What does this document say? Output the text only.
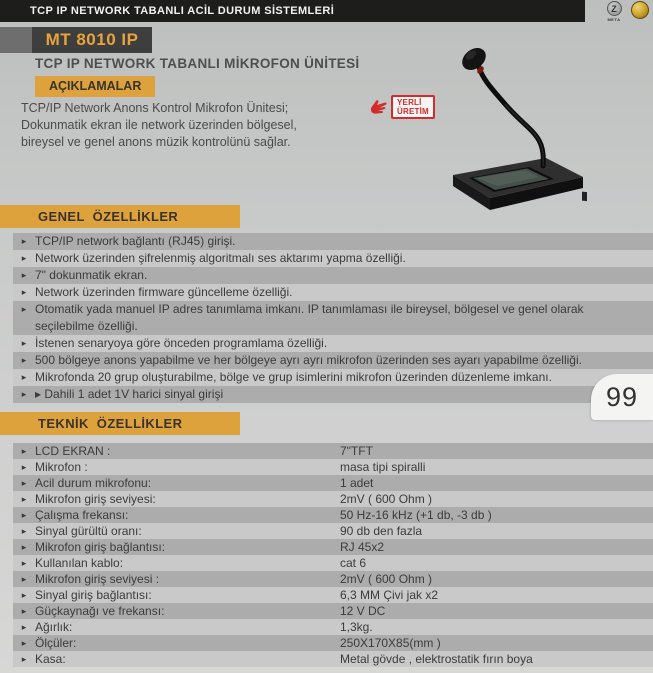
TCP IP NETWORK TABANLI ACİL DURUM SİSTEMLERİ	Z
META
MT 8010 IP
TCP IP NETWORK TABANLI MİKROFON ÜNİTESİ
AÇIKLAMALAR
TCP/IP Network Anons Kontrol Mikrofon Ünitesi;
Dokunmatik ekran ile network üzerinden bölgesel,
bireysel ve genel anons müzik kontrolünü sağlar.
YERLİ
ÜRETİM
GENEL  ÖZELLİKLER
▸ TCP/IP network bağlantı (RJ45) girişi.
▸ Network üzerinden şifrelenmiş algoritmalı ses aktarımı yapma özelliği.
▸ 7" dokunmatik ekran.
▸ Network üzerinden firmware güncelleme özelliği.
▸ Otomatik yada manuel IP adres tanımlama imkanı. IP tanımlaması ile bireysel, bölgesel ve genel olarak seçilebilme özelliği.
▸ İstenen senaryoya göre önceden programlama özelliği.
▸ 500 bölgeye anons yapabilme ve her bölgeye ayrı ayrı mikrofon üzerinden ses ayarı yapabilme özelliği.
▸ Mikrofonda 20 grup oluşturabilme, bölge ve grup isimlerini mikrofon üzerinden düzenleme imkanı.
▸ ▸ Dahili 1 adet 1V harici sinyal girişi	99
TEKNİK  ÖZELLİKLER
▸ LCD EKRAN :	7"TFT
▸ Mikrofon :	masa tipi spiralli
▸ Acil durum mikrofonu:	1 adet
▸ Mikrofon giriş seviyesi:	2mV ( 600 Ohm )
▸ Çalışma frekansı:	50 Hz-16 kHz (+1 db, -3 db )
▸ Sinyal gürültü oranı:	90 db den fazla
▸ Mikrofon giriş bağlantısı:	RJ 45x2
▸ Kullanılan kablo:	cat 6
▸ Mikrofon giriş seviyesi :	2mV ( 600 Ohm )
▸ Sinyal giriş bağlantısı:	6,3 MM Çivi jak x2
▸ Güçkaynağı ve frekansı:	12 V DC
▸ Ağırlık:	1,3kg.
▸ Ölçüler:	250X170X85(mm )
▸ Kasa:	Metal gövde , elektrostatik fırın boya
